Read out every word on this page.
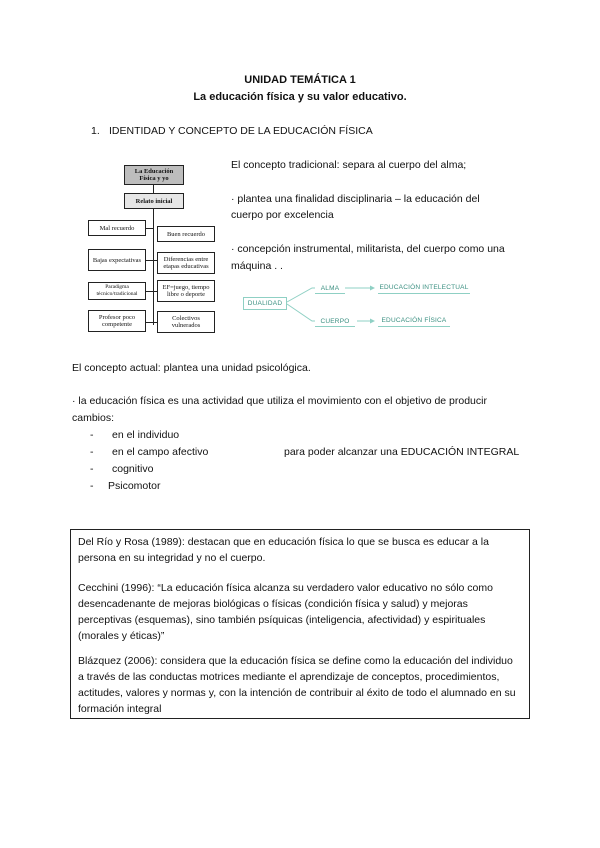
UNIDAD TEMÁTICA 1
La educación física y su valor educativo.
1. IDENTIDAD Y CONCEPTO DE LA EDUCACIÓN FÍSICA
La Educación Física y yo
Relato inicial
Mal recuerdo
Buen recuerdo
Bajas expectativas	Diferencias entre etapas educativas
Paradigma técnico/tradicional
EF=juego, tiempo libre o deporte
Profesor poco competente
Colectivos vulnerados
El concepto tradicional: separa al cuerpo del alma;
· plantea una finalidad disciplinaria – la educación del
cuerpo por excelencia
· concepción instrumental, militarista, del cuerpo como una
máquina . .
DUALIDAD
ALMA
CUERPO
EDUCACIÓN INTELECTUAL
EDUCACIÓN FÍSICA
El concepto actual: plantea una unidad psicológica.
· la educación física es una actividad que utiliza el movimiento con el objetivo de producir
cambios:
- en el individuo
- en el campo afectivo	para poder alcanzar una EDUCACIÓN INTEGRAL
- cognitivo
- Psicomotor
Del Río y Rosa (1989): destacan que en educación física lo que se busca es educar a la persona en su integridad y no el cuerpo.
Cecchini (1996): “La educación física alcanza su verdadero valor educativo no sólo como desencadenante de mejoras biológicas o físicas (condición física y salud) y mejoras perceptivas (esquemas), sino también psíquicas (inteligencia, afectividad) y espirituales (morales y éticas)”
Blázquez (2006): considera que la educación física se define como la educación del individuo a través de las conductas motrices mediante el aprendizaje de conceptos, procedimientos, actitudes, valores y normas y, con la intención de contribuir al éxito de todo el alumnado en su formación integral
